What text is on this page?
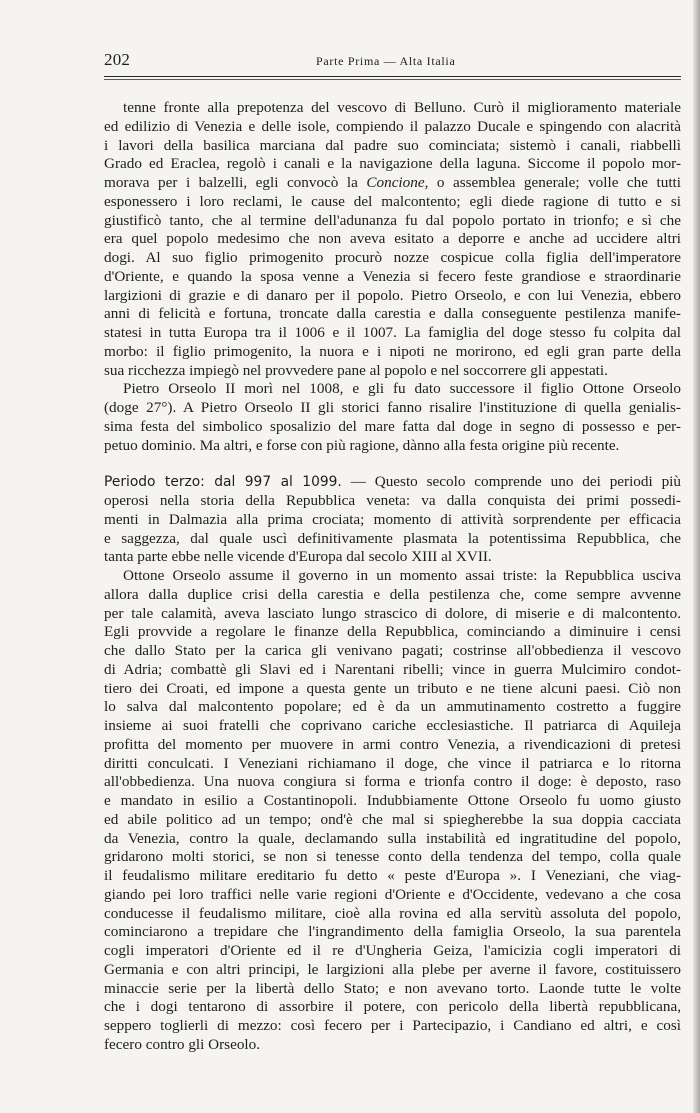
202	Parte Prima — Alta Italia

tenne fronte alla prepotenza del vescovo di Belluno. Curò il miglioramento materiale

ed edilizio di Venezia e delle isole, compiendo il palazzo Ducale e spingendo con alacrità

i lavori della basilica marciana dal padre suo cominciata; sistemò i canali, riabbellì

Grado ed Eraclea, regolò i canali e la navigazione della laguna. Siccome il popolo mor-

morava per i balzelli, egli convocò la Concione, o assemblea generale; volle che tutti

esponessero i loro reclami, le cause del malcontento; egli diede ragione di tutto e si

giustificò tanto, che al termine dell'adunanza fu dal popolo portato in trionfo; e sì che

era quel popolo medesimo che non aveva esitato a deporre e anche ad uccidere altri

dogi. Al suo figlio primogenito procurò nozze cospicue colla figlia dell'imperatore

d'Oriente, e quando la sposa venne a Venezia si fecero feste grandiose e straordinarie

largizioni di grazie e di danaro per il popolo. Pietro Orseolo, e con lui Venezia, ebbero

anni di felicità e fortuna, troncate dalla carestia e dalla conseguente pestilenza manife-

statesi in tutta Europa tra il 1006 e il 1007. La famiglia del doge stesso fu colpita dal

morbo: il figlio primogenito, la nuora e i nipoti ne morirono, ed egli gran parte della

sua ricchezza impiegò nel provvedere pane al popolo e nel soccorrere gli appestati.

Pietro Orseolo II morì nel 1008, e gli fu dato successore il figlio Ottone Orseolo

(doge 27°). A Pietro Orseolo II gli storici fanno risalire l'instituzione di quella genialis-

sima festa del simbolico sposalizio del mare fatta dal doge in segno di possesso e per-

petuo dominio. Ma altri, e forse con più ragione, dànno alla festa origine più recente.

Periodo terzo: dal 997 al 1099. — Questo secolo comprende uno dei periodi più

operosi nella storia della Repubblica veneta: va dalla conquista dei primi possedi-

menti in Dalmazia alla prima crociata; momento di attività sorprendente per efficacia

e saggezza, dal quale uscì definitivamente plasmata la potentissima Repubblica, che

tanta parte ebbe nelle vicende d'Europa dal secolo XIII al XVII.

Ottone Orseolo assume il governo in un momento assai triste: la Repubblica usciva

allora dalla duplice crisi della carestia e della pestilenza che, come sempre avvenne

per tale calamità, aveva lasciato lungo strascico di dolore, di miserie e di malcontento.

Egli provvide a regolare le finanze della Repubblica, cominciando a diminuire i censi

che dallo Stato per la carica gli venivano pagati; costrinse all'obbedienza il vescovo

di Adria; combattè gli Slavi ed i Narentani ribelli; vince in guerra Mulcimiro condot-

tiero dei Croati, ed impone a questa gente un tributo e ne tiene alcuni paesi. Ciò non

lo salva dal malcontento popolare; ed è da un ammutinamento costretto a fuggire

insieme ai suoi fratelli che coprivano cariche ecclesiastiche. Il patriarca di Aquileja

profitta del momento per muovere in armi contro Venezia, a rivendicazioni di pretesi

diritti conculcati. I Veneziani richiamano il doge, che vince il patriarca e lo ritorna

all'obbedienza. Una nuova congiura si forma e trionfa contro il doge: è deposto, raso

e mandato in esilio a Costantinopoli. Indubbiamente Ottone Orseolo fu uomo giusto

ed abile politico ad un tempo; ond'è che mal si spiegherebbe la sua doppia cacciata

da Venezia, contro la quale, declamando sulla instabilità ed ingratitudine del popolo,

gridarono molti storici, se non si tenesse conto della tendenza del tempo, colla quale

il feudalismo militare ereditario fu detto « peste d'Europa ». I Veneziani, che viag-

giando pei loro traffici nelle varie regioni d'Oriente e d'Occidente, vedevano a che cosa

conducesse il feudalismo militare, cioè alla rovina ed alla servitù assoluta del popolo,

cominciarono a trepidare che l'ingrandimento della famiglia Orseolo, la sua parentela

cogli imperatori d'Oriente ed il re d'Ungheria Geiza, l'amicizia cogli imperatori di

Germania e con altri principi, le largizioni alla plebe per averne il favore, costituissero

minaccie serie per la libertà dello Stato; e non avevano torto. Laonde tutte le volte

che i dogi tentarono di assorbire il potere, con pericolo della libertà repubblicana,

seppero toglierli di mezzo: così fecero per i Partecipazio, i Candiano ed altri, e così

fecero contro gli Orseolo.
